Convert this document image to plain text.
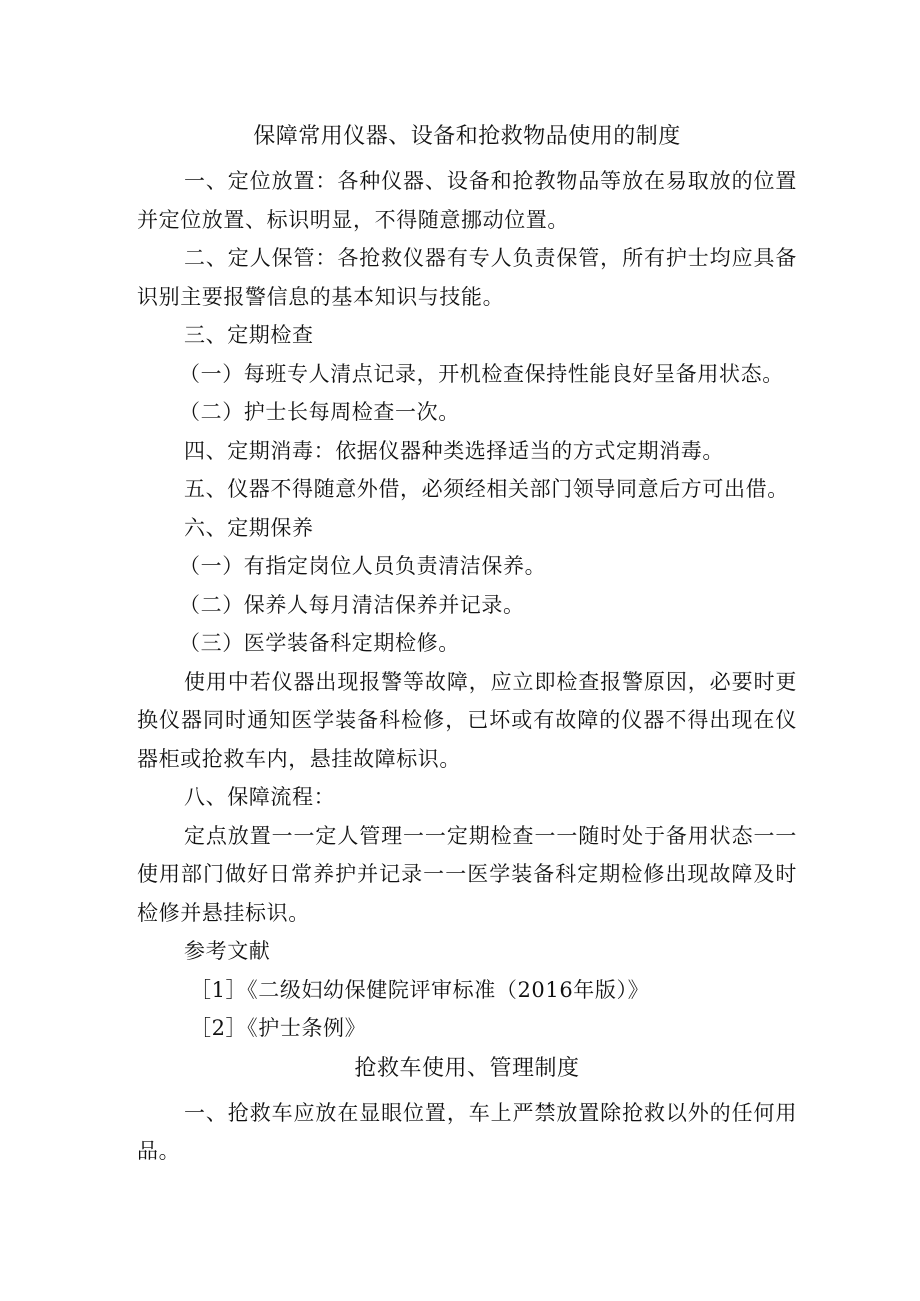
保障常用仪器、设备和抢救物品使用的制度

一、定位放置：各种仪器、设备和抢教物品等放在易取放的位置并定位放置、标识明显，不得随意挪动位置。

二、定人保管：各抢救仪器有专人负责保管，所有护士均应具备识别主要报警信息的基本知识与技能。

三、定期检查

（一）每班专人清点记录，开机检查保持性能良好呈备用状态。

（二）护士长每周检查一次。

四、定期消毒：依据仪器种类选择适当的方式定期消毒。

五、仪器不得随意外借，必须经相关部门领导同意后方可出借。

六、定期保养

（一）有指定岗位人员负责清洁保养。

（二）保养人每月清洁保养并记录。

（三）医学装备科定期检修。

使用中若仪器出现报警等故障，应立即检查报警原因，必要时更换仪器同时通知医学装备科检修，已坏或有故障的仪器不得出现在仪器柜或抢救车内，悬挂故障标识。

八、保障流程：

定点放置一一定人管理一一定期检查一一随时处于备用状态一一使用部门做好日常养护并记录一一医学装备科定期检修出现故障及时检修并悬挂标识。

参考文献

［1］《二级妇幼保健院评审标准（2016年版）》

［2］《护士条例》

抢救车使用、管理制度

一、抢救车应放在显眼位置，车上严禁放置除抢救以外的任何用品。
